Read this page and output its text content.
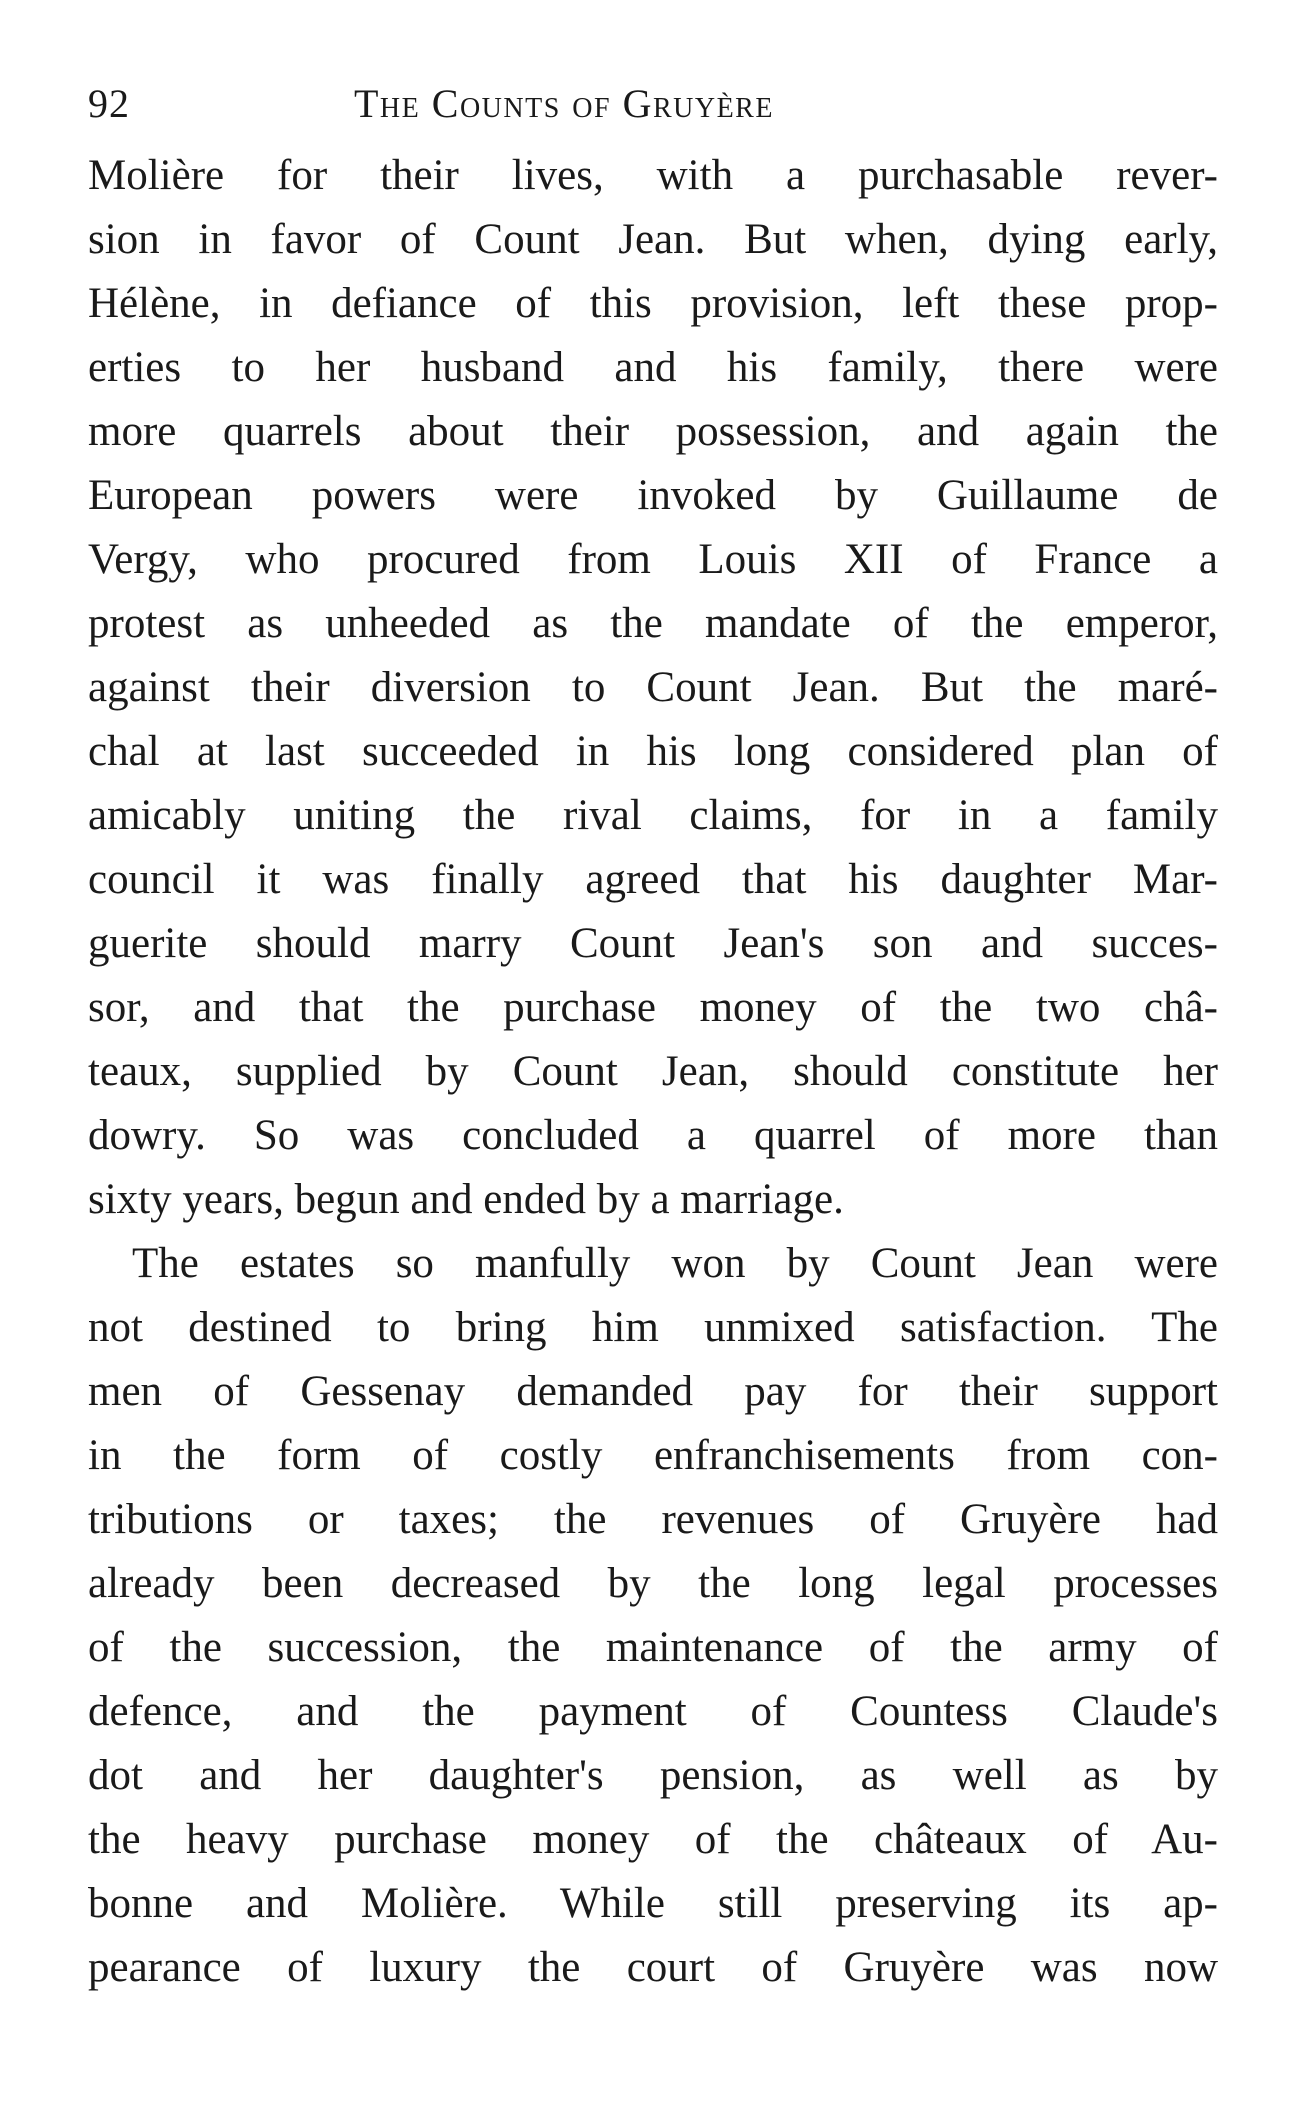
92	The Counts of Gruyère
Molière for their lives, with a purchasable rever-
sion in favor of Count Jean. But when, dying early,
Hélène, in defiance of this provision, left these prop-
erties to her husband and his family, there were
more quarrels about their possession, and again the
European powers were invoked by Guillaume de
Vergy, who procured from Louis XII of France a
protest as unheeded as the mandate of the emperor,
against their diversion to Count Jean. But the maré-
chal at last succeeded in his long considered plan of
amicably uniting the rival claims, for in a family
council it was finally agreed that his daughter Mar-
guerite should marry Count Jean's son and succes-
sor, and that the purchase money of the two châ-
teaux, supplied by Count Jean, should constitute her
dowry. So was concluded a quarrel of more than
sixty years, begun and ended by a marriage.
The estates so manfully won by Count Jean were
not destined to bring him unmixed satisfaction. The
men of Gessenay demanded pay for their support
in the form of costly enfranchisements from con-
tributions or taxes; the revenues of Gruyère had
already been decreased by the long legal processes
of the succession, the maintenance of the army of
defence, and the payment of Countess Claude's
dot and her daughter's pension, as well as by
the heavy purchase money of the châteaux of Au-
bonne and Molière. While still preserving its ap-
pearance of luxury the court of Gruyère was now
